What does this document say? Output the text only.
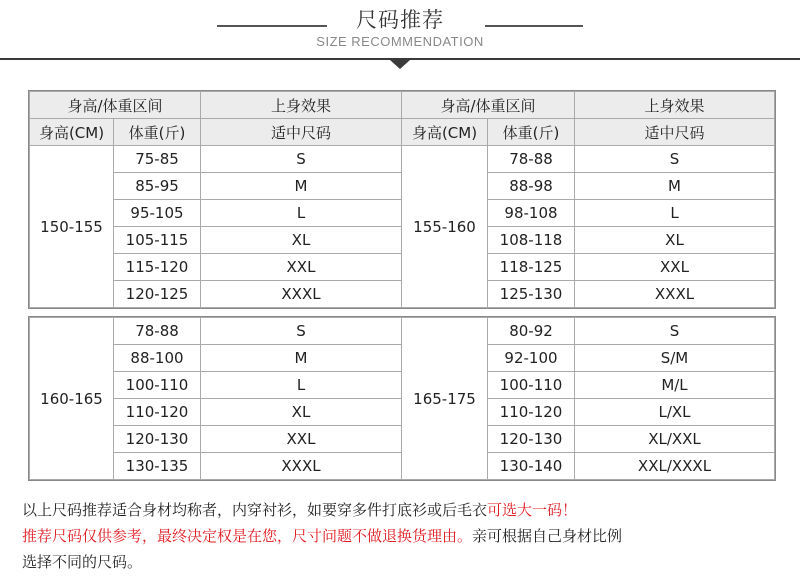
尺码推荐
SIZE RECOMMENDATION
身高/体重区间		上身效果	身高/体重区间		上身效果
身高(CM)	体重(斤)	适中尺码	身高(CM)	体重(斤)	适中尺码
150-155	75-85	S	155-160	78-88	S
	85-95	M		88-98	M
	95-105	L		98-108	L
	105-115	XL		108-118	XL
	115-120	XXL		118-125	XXL
	120-125	XXXL		125-130	XXXL
160-165	78-88	S	165-175	80-92	S
	88-100	M		92-100	S/M
	100-110	L		100-110	M/L
	110-120	XL		110-120	L/XL
	120-130	XXL		120-130	XL/XXL
	130-135	XXXL		130-140	XXL/XXXL
以上尺码推荐适合身材均称者，内穿衬衫，如要穿多件打底衫或后毛衣可选大一码！
推荐尺码仅供参考，最终决定权是在您，尺寸问题不做退换货理由。亲可根据自己身材比例
选择不同的尺码。
